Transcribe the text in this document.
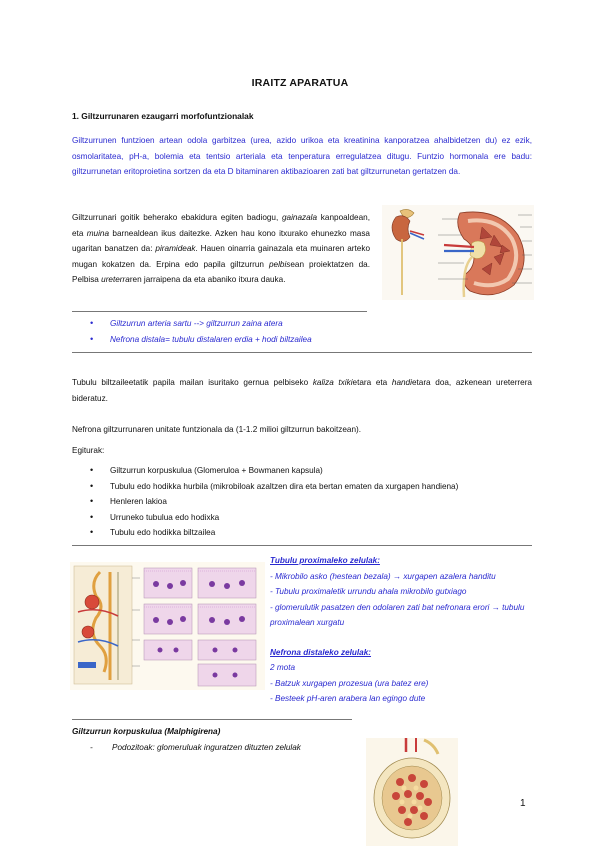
IRAITZ APARATUA
1. Giltzurrunaren ezaugarri morfofuntzionalak
Giltzurrunen funtzioen artean odola garbitzea (urea, azido urikoa eta kreatinina kanporatzea ahalbidetzen du) ez ezik, osmolaritatea, pH-a, bolemia eta tentsio arteriala eta tenperatura erregulatzea ditugu. Funtzio hormonala ere badu: giltzurrunetan eritoproietina sortzen da eta D bitaminaren aktibazioaren zati bat giltzurrunetan gertatzen da.
Giltzurrunari goitik beherako ebakidura egiten badiogu, gainazala kanpoaldean, eta muina barnealdean ikus daitezke. Azken hau kono itxurako ehunezko masa ugaritan banatzen da: piramideak. Hauen oinarria gainazala eta muinaren arteko mugan kokatzen da. Erpina edo papila giltzurrun pelbisean proiektatzen da. Pelbisa ureterraren jarraipena da eta abaniko itxura dauka.
• Giltzurrun arteria sartu --> giltzurrun zaina atera
• Nefrona distala= tubulu distalaren erdia + hodi biltzailea
Tubulu biltzaileetatik papila mailan isuritako gernua pelbiseko kaliza txikietara eta handietara doa, azkenean ureterrera bideratuz.
Nefrona giltzurrunaren unitate funtzionala da (1-1.2 milioi giltzurrun bakoitzean).
Egiturak:
• Giltzurrun korpuskulua (Glomeruloa + Bowmanen kapsula)
• Tubulu edo hodikka hurbila (mikrobiloak azaltzen dira eta bertan ematen da xurgapen handiena)
• Henleren lakioa
• Urruneko tubulua edo hodixka
• Tubulu edo hodikka biltzailea
Tubulu proximaleko zelulak:
- Mikrobilo asko (hestean bezala) → xurgapen azalera handitu
- Tubulu proximaletik urrundu ahala mikrobilo gutxiago
- glomerulutik pasatzen den odolaren zati bat nefronara erori → tubulu proximalean xurgatu
Nefrona distaleko zelulak:
2 mota
- Batzuk xurgapen prozesua (ura batez ere)
- Besteek pH-aren arabera lan egingo dute
Giltzurrun korpuskulua (Malphigirena)
- Podozitoak: glomeruluak inguratzen dituzten zelulak
1
